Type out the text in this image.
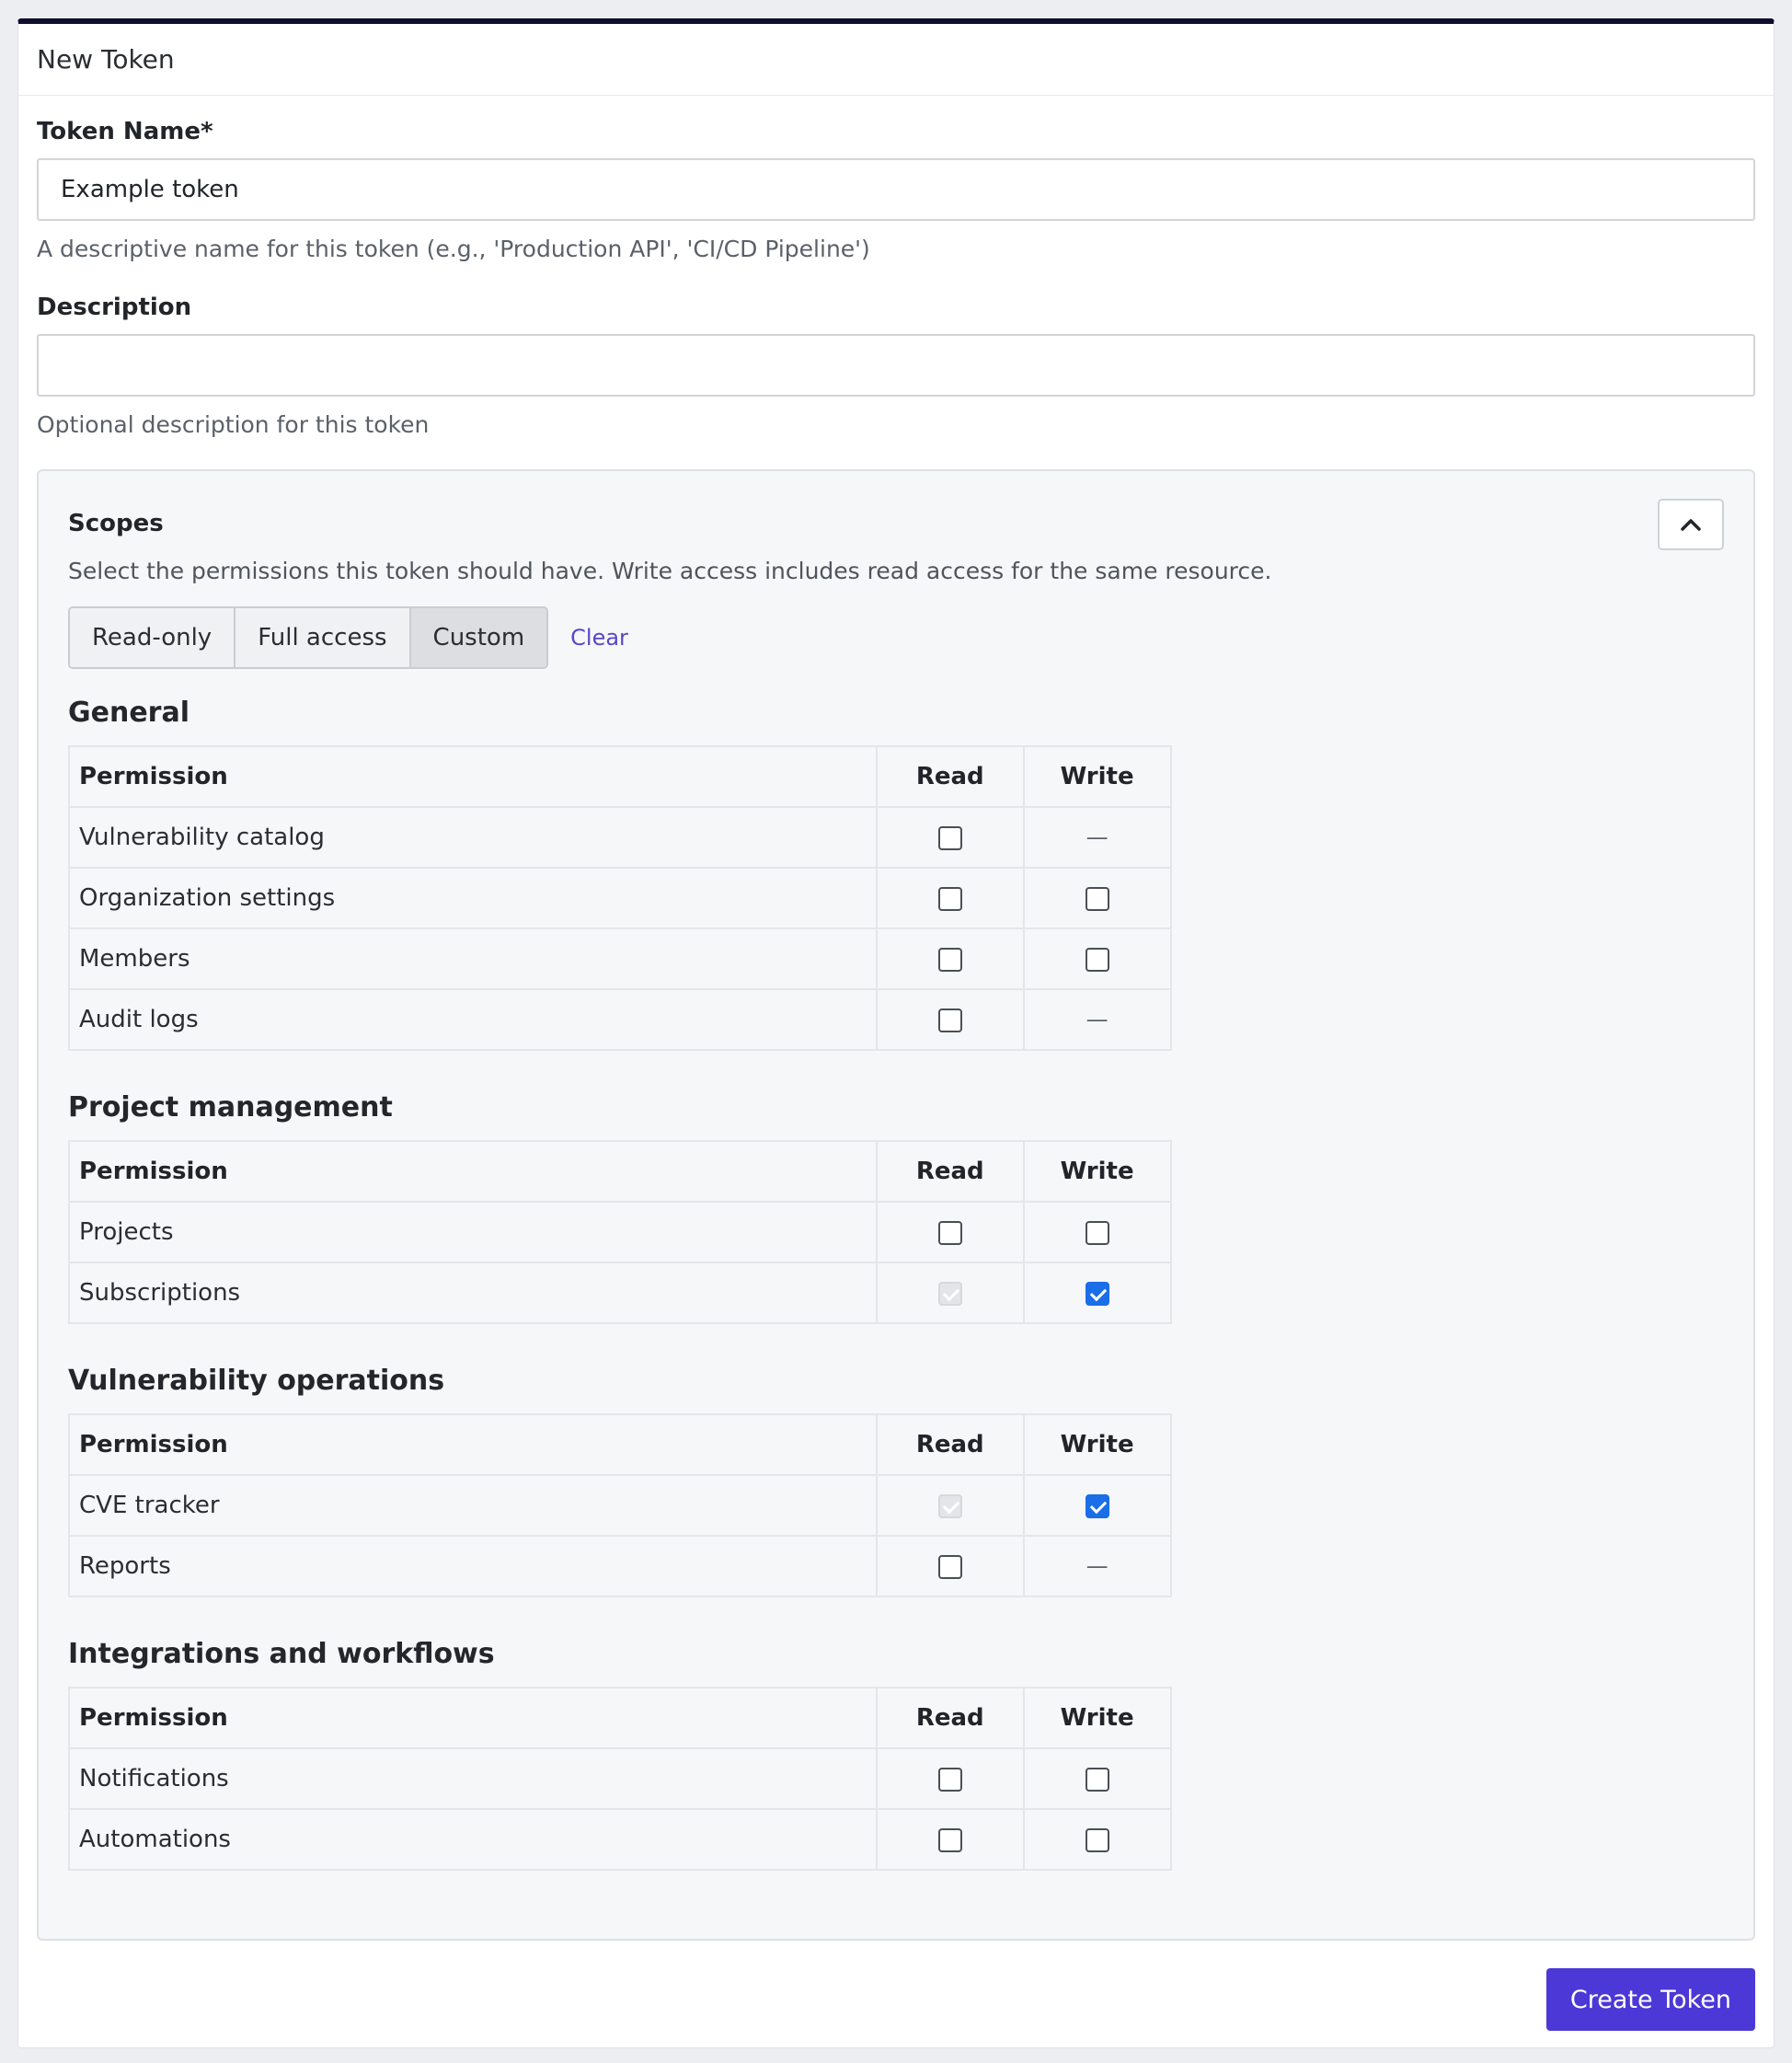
New Token
Token Name*
Example token
A descriptive name for this token (e.g., 'Production API', 'CI/CD Pipeline')
Description
Optional description for this token
Scopes
Select the permissions this token should have. Write access includes read access for the same resource.
Read-only	Full access	Custom	Clear
General
Permission	Read	Write
Vulnerability catalog		—
Organization settings		
Members		
Audit logs		—
Project management
Permission	Read	Write
Projects		
Subscriptions		
Vulnerability operations
Permission	Read	Write
CVE tracker		
Reports		—
Integrations and workflows
Permission	Read	Write
Notifications		
Automations		
Create Token
